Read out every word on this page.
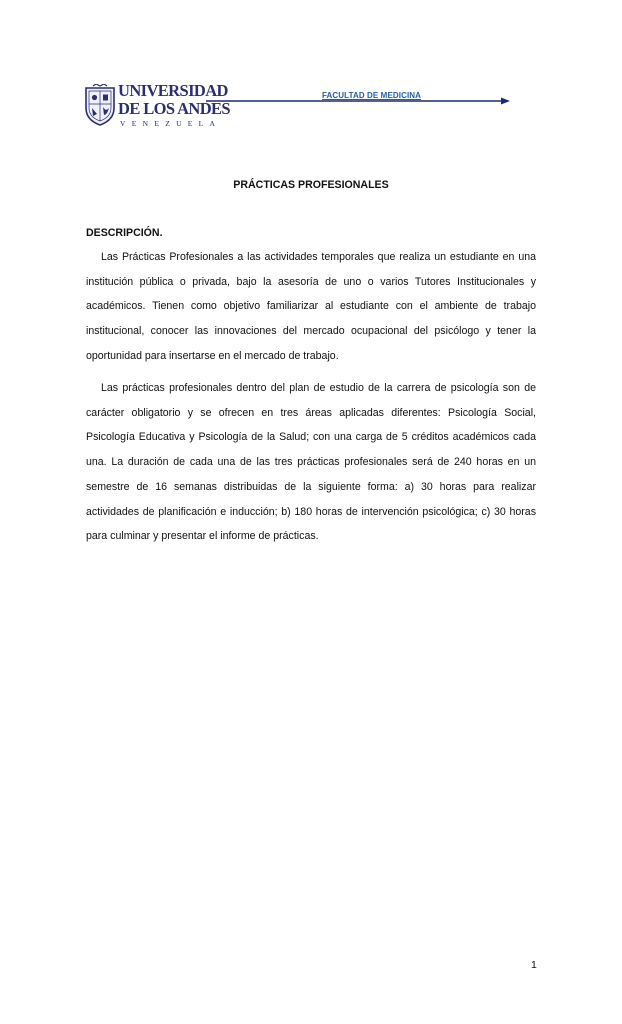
UNIVERSIDAD
DE LOS ANDES
VENEZUELA
FACULTAD DE MEDICINA
PRÁCTICAS PROFESIONALES
DESCRIPCIÓN.

Las Prácticas Profesionales a las actividades temporales que realiza un estudiante en una institución pública o privada, bajo la asesoría de uno o varios Tutores Institucionales y académicos. Tienen como objetivo familiarizar al estudiante con el ambiente de trabajo institucional, conocer las innovaciones del mercado ocupacional del psicólogo y tener la oportunidad para insertarse en el mercado de trabajo.

Las prácticas profesionales dentro del plan de estudio de la carrera de psicología son de carácter obligatorio y se ofrecen en tres áreas aplicadas diferentes: Psicología Social, Psicología Educativa y Psicología de la Salud; con una carga de 5 créditos académicos cada una. La duración de cada una de las tres prácticas profesionales será de 240 horas en un semestre de 16 semanas distribuidas de la siguiente forma: a) 30 horas para realizar actividades de planificación e inducción; b) 180 horas de intervención psicológica; c) 30 horas para culminar y presentar el informe de prácticas.

1
